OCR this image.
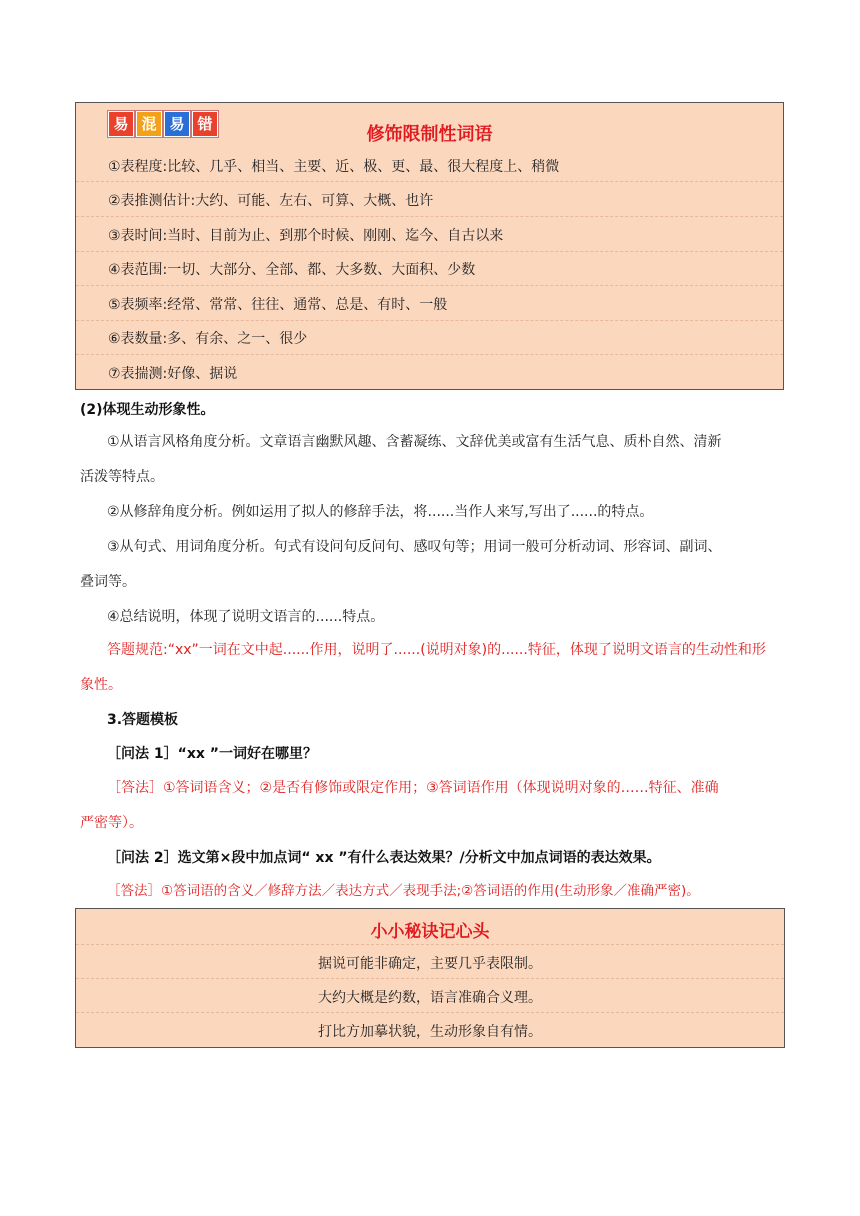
易 混 易 错	修饰限制性词语
①表程度:比较、几乎、相当、主要、近、极、更、最、很大程度上、稍微
②表推测估计:大约、可能、左右、可算、大概、也许
③表时间:当时、目前为止、到那个时候、刚刚、迄今、自古以来
④表范围:一切、大部分、全部、都、大多数、大面积、少数
⑤表频率:经常、常常、往往、通常、总是、有时、一般
⑥表数量:多、有余、之一、很少
⑦表揣测:好像、据说
(2)体现生动形象性。
①从语言风格角度分析。文章语言幽默风趣、含蓄凝练、文辞优美或富有生活气息、质朴自然、清新
活泼等特点。
②从修辞角度分析。例如运用了拟人的修辞手法，将......当作人来写,写出了......的特点。
③从句式、用词角度分析。句式有设问句反问句、感叹句等；用词一般可分析动词、形容词、副词、
叠词等。
④总结说明，体现了说明文语言的......特点。
答题规范:“xx”一词在文中起......作用，说明了......(说明对象)的......特征，体现了说明文语言的生动性和形
象性。
3.答题模板
［问法 1］“xx ”一词好在哪里？
［答法］①答词语含义；②是否有修饰或限定作用；③答词语作用（体现说明对象的……特征、准确
严密等）。
［问法 2］选文第×段中加点词“ xx ”有什么表达效果？/分析文中加点词语的表达效果。
［答法］①答词语的含义／修辞方法／表达方式／表现手法;②答词语的作用(生动形象／准确严密)。
小小秘诀记心头
据说可能非确定，主要几乎表限制。
大约大概是约数，语言准确合义理。
打比方加摹状貌，生动形象自有情。
